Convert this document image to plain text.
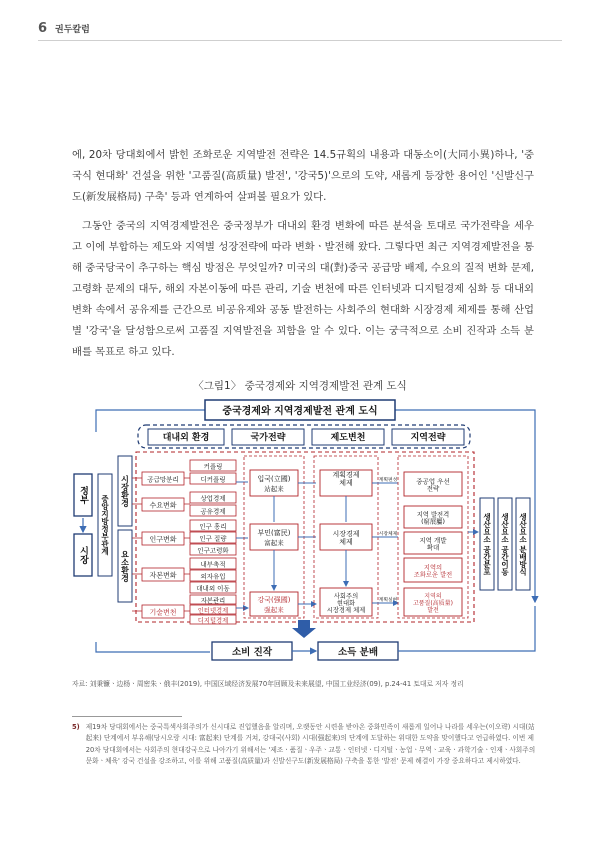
6 권두칼럼

에, 20차 당대회에서 밝힌 조화로운 지역발전 전략은 14.5규획의 내용과 대동소이(大同小異)하나, '중국식 현대화' 건설을 위한 '고품질(高质量) 발전', '강국5)'으로의 도약, 새롭게 등장한 용어인 '신발신구도(新发展格局) 구축' 등과 연계하여 살펴볼 필요가 있다.

그동안 중국의 지역경제발전은 중국정부가 대내외 환경 변화에 따른 분석을 토대로 국가전략을 세우고 이에 부합하는 제도와 지역별 성장전략에 따라 변화ㆍ발전해 왔다. 그렇다면 최근 지역경제발전을 통해 중국당국이 추구하는 핵심 방점은 무엇일까? 미국의 대(對)중국 공급망 배제, 수요의 질적 변화 문제, 고령화 문제의 대두, 해외 자본이동에 따른 관리, 기술 변천에 따른 인터넷과 디지털경제 심화 등 대내외 변화 속에서 공유제를 근간으로 비공유제와 공동 발전하는 사회주의 현대화 시장경제 체제를 통해 산업별 '강국'을 달성함으로써 고품질 지역발전을 꾀함을 알 수 있다. 이는 궁극적으로 소비 진작과 소득 분배를 목표로 하고 있다.

〈그림1〉 중국경제와 지역경제발전 관계 도식
중국경제와 지역경제발전 관계 도식
대내외 환경	국가전략	제도변천	지역전략
정부
시장 중앙지방정부관계
시장환경
요소환경
공급망분리
커플링
디커플링
수요변화
상업경제
공유경제
인구변화
인구 홍리
인구 질량
인구고령화
자본변화
내부축적
외자유입
대내외 이동
기술변천
자본관리
인터넷경제
디지털경제
입국(立國)
站起来
부민(富民)
富起来
강국(强國)
强起来
계획경제 체제
시장경제 체제
사회주의 현대화 시장경제 체제
계획편성
시장체제
계획실현
중공업 우선 전략
지역 발전격 (窮展屬)
지역 개발 확대
지역의 조화로운 발전
지역의 고품질(高质量) 발전
생산요소 공간분포 생산요소 공간이동 생산요소 분배방식
소비 진작	소득 분배
자료: 刘秉镰ㆍ边杨ㆍ周密朱ㆍ俄丰(2019), 中国区域经济发展70年回顾及未来展望, 中国工业经济(09), p.24-41 토대로 저자 정리
5) 제19차 당대회에서는 중국특색사회주의가 신시대로 진입했음을 알리며, 오랫동안 시련을 받아온 중화민족이 새롭게 일어나 나라를 세우는(이오략) 시대(站起来) 단계에서 부유해(당시오랑 시대: 富起来) 단계를 거쳐, 강대국(사회) 시대(强起来)의 단계에 도달하는 위대한 도약을 맞이했다고 언급하였다. 이번 제20차 당대회에서는 사회주의 현대강국으로 나아가기 위해서는 '제조ㆍ품질ㆍ우주ㆍ교통ㆍ인터넷ㆍ디지털ㆍ농업ㆍ무역ㆍ교육ㆍ과학기술ㆍ인재ㆍ사회주의 문화ㆍ체육' 강국 건설을 강조하고, 이를 위해 고품질(高质量)과 신발신구도(新发展格局) 구축을 통한 '발전' 문제 해결이 가장 중요하다고 제시하였다.
